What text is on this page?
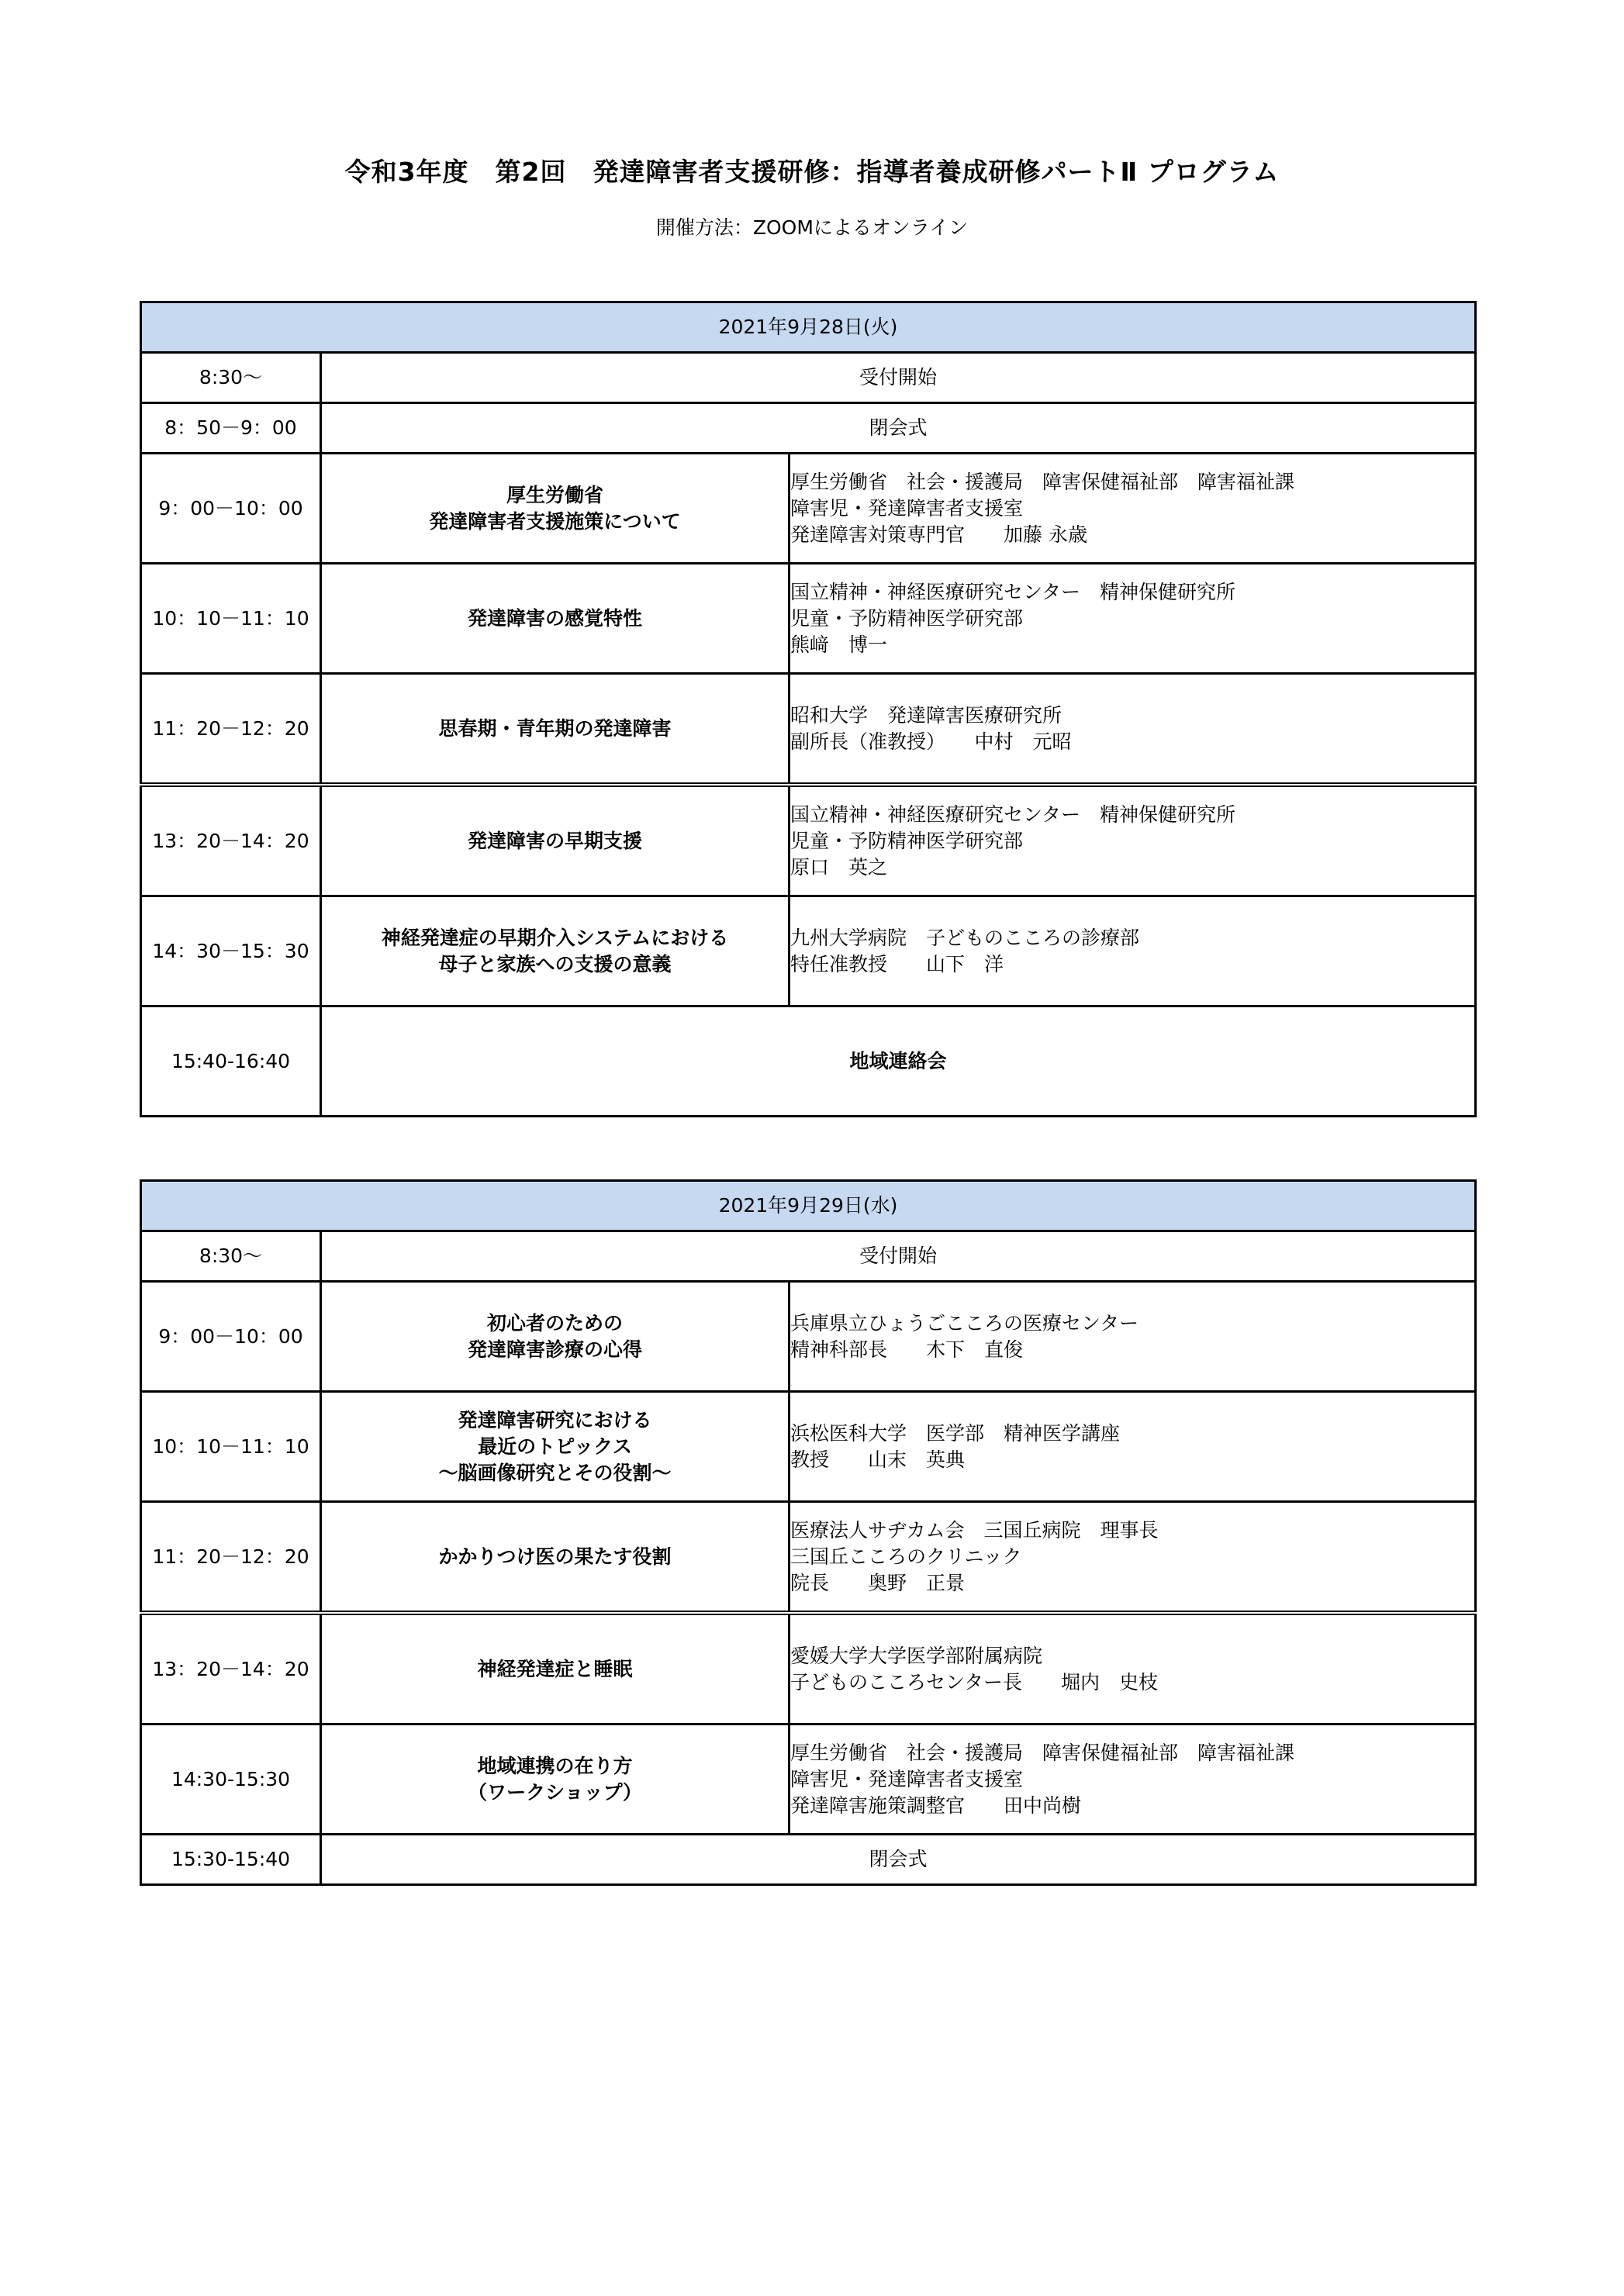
令和3年度　第2回　発達障害者支援研修：指導者養成研修パートⅡ プログラム
開催方法：ZOOMによるオンライン
2021年9月28日(火)		
8:30～	受付開始	
8：50－9：00	閉会式	
9：00－10：00	厚生労働省
発達障害者支援施策について	厚生労働省　社会・援護局　障害保健福祉部　障害福祉課
障害児・発達障害者支援室
発達障害対策専門官　　加藤 永歳

10：10－11：10	発達障害の感覚特性	国立精神・神経医療研究センター　精神保健研究所
児童・予防精神医学研究部
熊﨑　博一

11：20－12：20	思春期・青年期の発達障害	昭和大学　発達障害医療研究所
副所長（准教授）　　中村　元昭

13：20－14：20	発達障害の早期支援	国立精神・神経医療研究センター　精神保健研究所
児童・予防精神医学研究部
原口　英之

14：30－15：30	神経発達症の早期介入システムにおける
母子と家族への支援の意義	九州大学病院　子どものこころの診療部
特任准教授　　山下　洋

15:40-16:40	地域連絡会	
2021年9月29日(水)		
8:30～	受付開始	
9：00－10：00	初心者のための
発達障害診療の心得	兵庫県立ひょうごこころの医療センター
精神科部長　　木下　直俊

10：10－11：10	発達障害研究における
最近のトピックス
～脳画像研究とその役割～	浜松医科大学　医学部　精神医学講座
教授　　山末　英典

11：20－12：20	かかりつけ医の果たす役割	医療法人サヂカム会　三国丘病院　理事長
三国丘こころのクリニック
院長　　奥野　正景

13：20－14：20	神経発達症と睡眠	愛媛大学大学医学部附属病院
子どものこころセンター長　　堀内　史枝

14:30-15:30	地域連携の在り方
（ワークショップ）	厚生労働省　社会・援護局　障害保健福祉部　障害福祉課
障害児・発達障害者支援室
発達障害施策調整官　　田中尚樹

15:30-15:40	閉会式	
